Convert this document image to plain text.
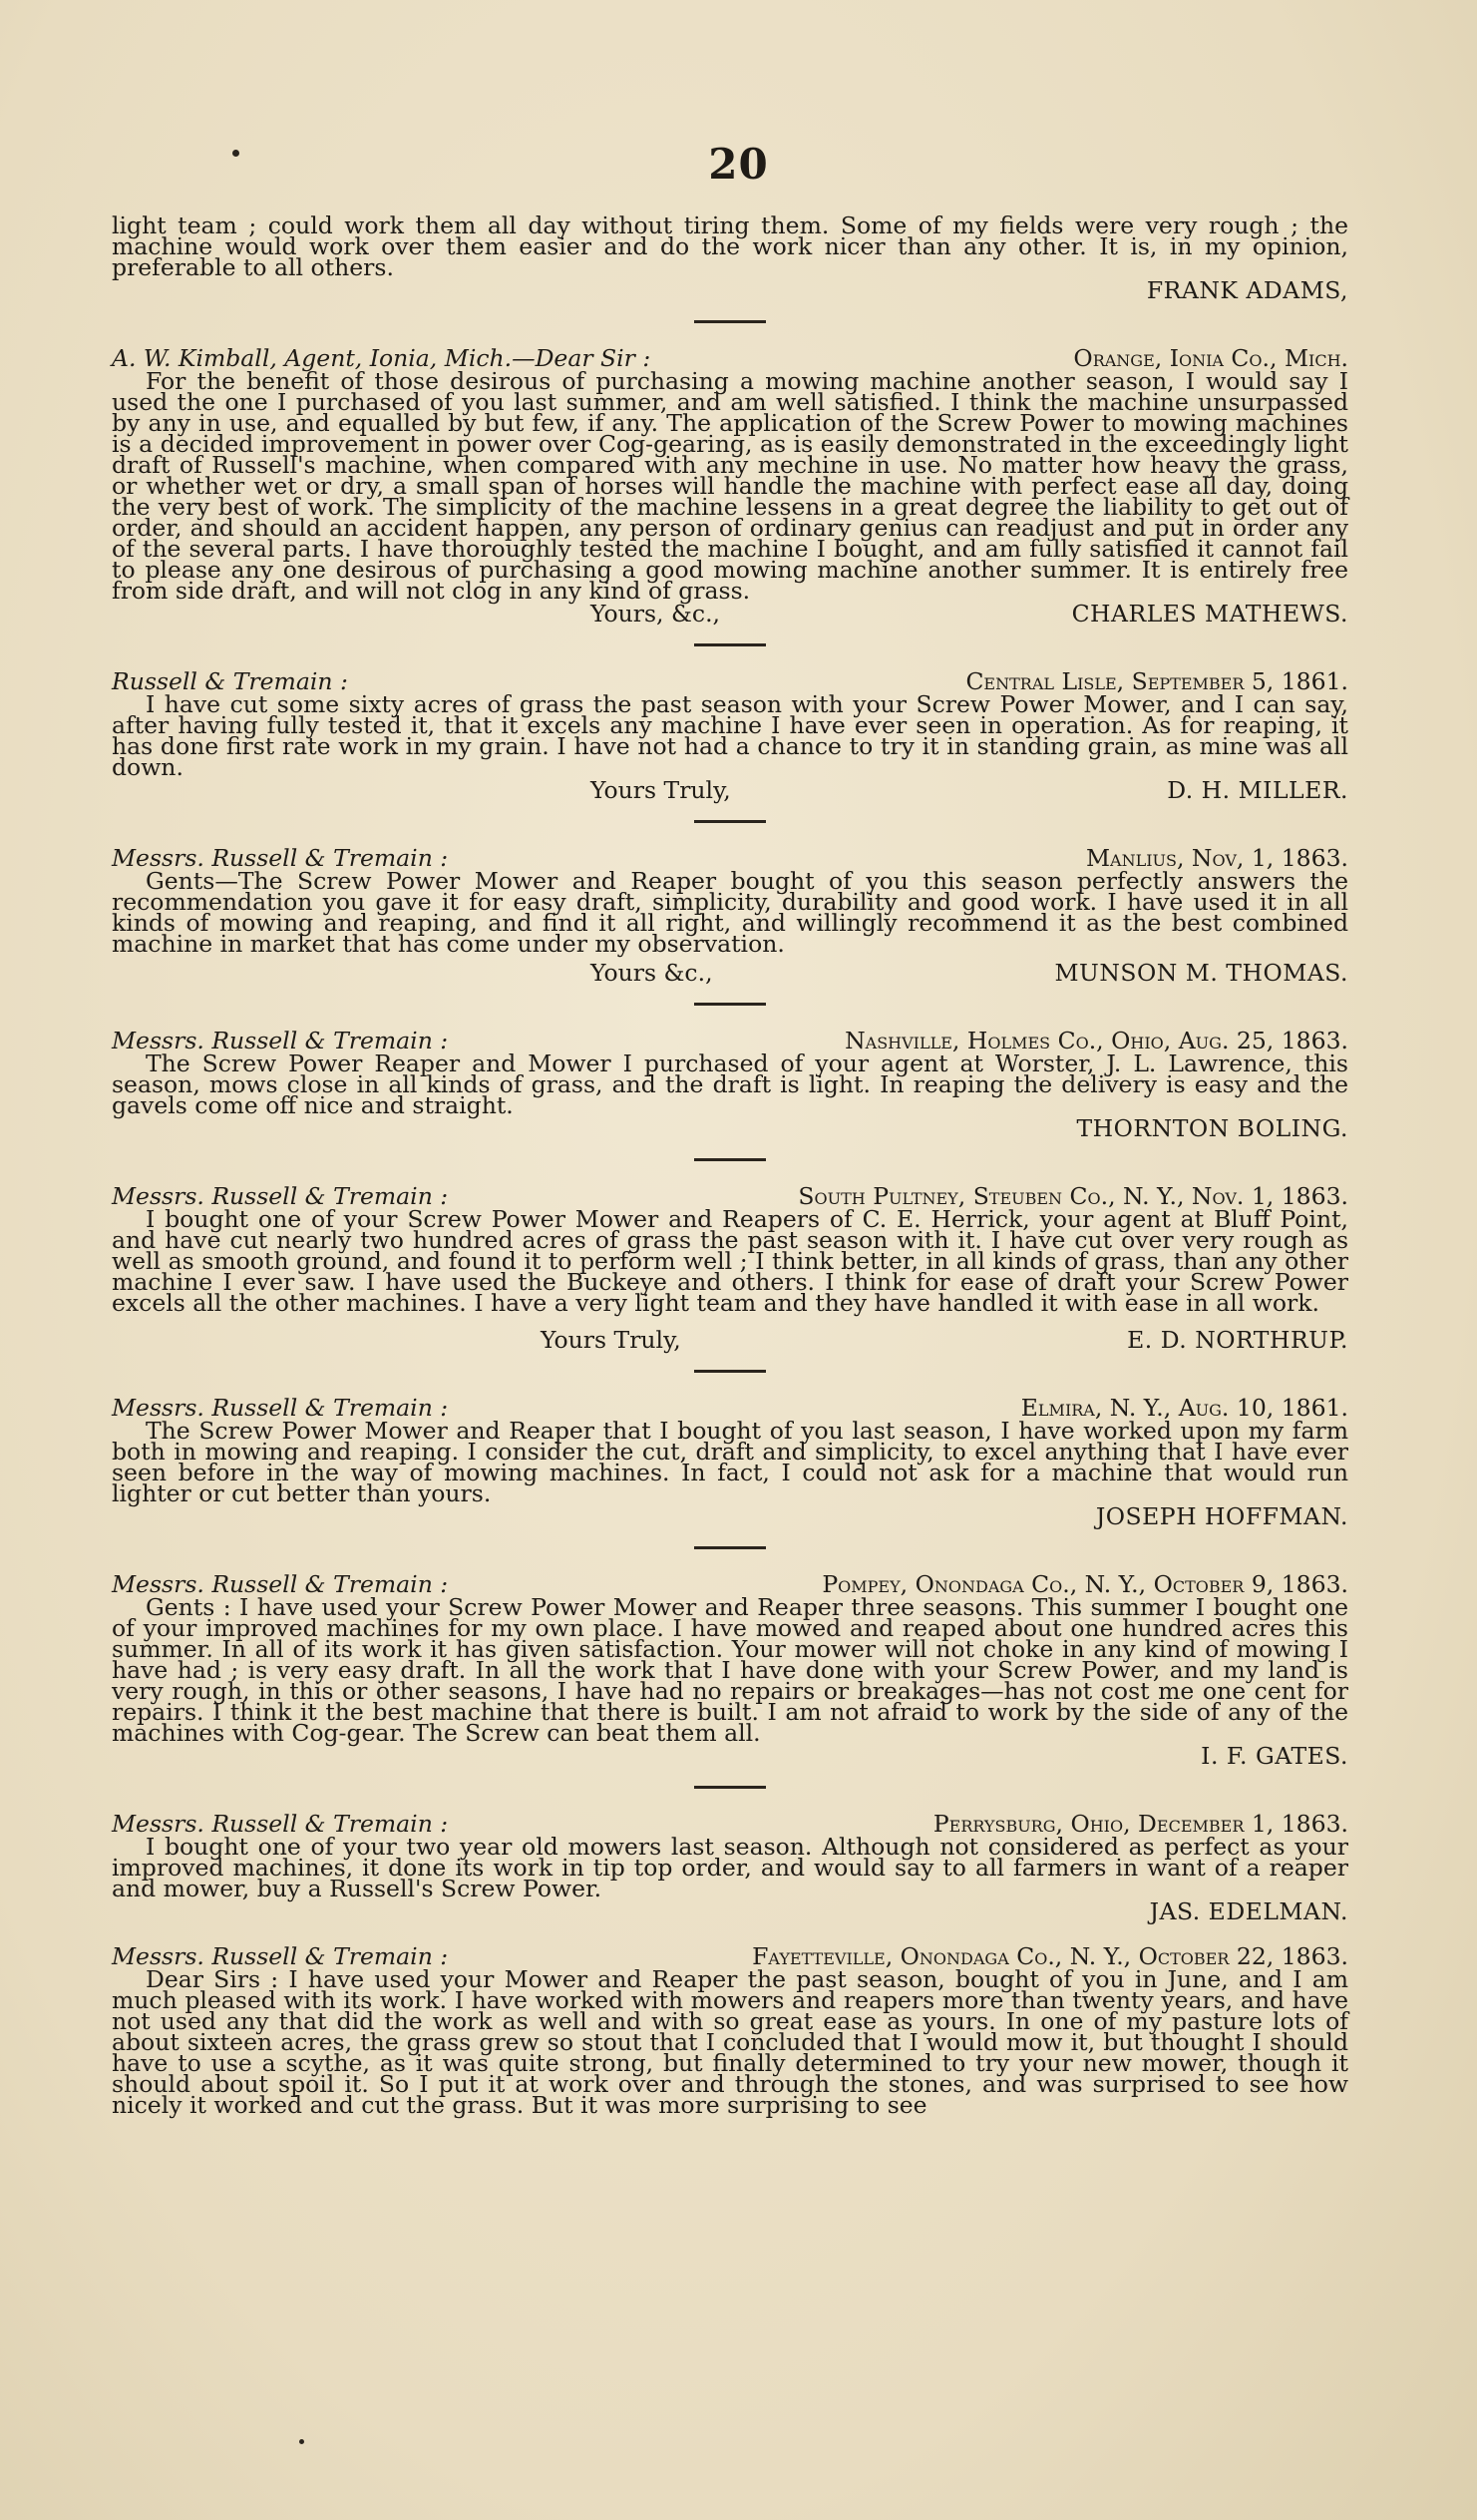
20
light team ; could work them all day without tiring them. Some of my fields were very rough ; the machine would work over them easier and do the work nicer than any other. It is, in my opinion, preferable to all others.
FRANK ADAMS,
A. W. Kimball, Agent, Ionia, Mich.—Dear Sir :	Orange, Ionia Co., Mich.
For the benefit of those desirous of purchasing a mowing machine another season, I would say I used the one I purchased of you last summer, and am well satisfied. I think the machine unsurpassed by any in use, and equalled by but few, if any. The application of the Screw Power to mowing machines is a decided improvement in power over Cog-gearing, as is easily demonstrated in the exceedingly light draft of Russell's machine, when compared with any mechine in use. No matter how heavy the grass, or whether wet or dry, a small span of horses will handle the machine with perfect ease all day, doing the very best of work. The simplicity of the machine lessens in a great degree the liability to get out of order, and should an accident happen, any person of ordinary genius can readjust and put in order any of the several parts. I have thoroughly tested the machine I bought, and am fully satisfied it cannot fail to please any one desirous of purchasing a good mowing machine another summer. It is entirely free from side draft, and will not clog in any kind of grass.
Yours, &c.,	CHARLES MATHEWS.
Russell & Tremain :	Central Lisle, September 5, 1861.
I have cut some sixty acres of grass the past season with your Screw Power Mower, and I can say, after having fully tested it, that it excels any machine I have ever seen in operation. As for reaping, it has done first rate work in my grain. I have not had a chance to try it in standing grain, as mine was all down.
Yours Truly,	D. H. MILLER.
Messrs. Russell & Tremain :	Manlius, Nov, 1, 1863.
Gents—The Screw Power Mower and Reaper bought of you this season perfectly answers the recommendation you gave it for easy draft, simplicity, durability and good work. I have used it in all kinds of mowing and reaping, and find it all right, and willingly recommend it as the best combined machine in market that has come under my observation.
Yours &c.,	MUNSON M. THOMAS.
Messrs. Russell & Tremain :	Nashville, Holmes Co., Ohio, Aug. 25, 1863.
The Screw Power Reaper and Mower I purchased of your agent at Worster, J. L. Lawrence, this season, mows close in all kinds of grass, and the draft is light. In reaping the delivery is easy and the gavels come off nice and straight.
THORNTON BOLING.
Messrs. Russell & Tremain :	South Pultney, Steuben Co., N. Y., Nov. 1, 1863.
I bought one of your Screw Power Mower and Reapers of C. E. Herrick, your agent at Bluff Point, and have cut nearly two hundred acres of grass the past season with it. I have cut over very rough as well as smooth ground, and found it to perform well ; I think better, in all kinds of grass, than any other machine I ever saw. I have used the Buckeye and others. I think for ease of draft your Screw Power excels all the other machines. I have a very light team and they have handled it with ease in all work.
Yours Truly,	E. D. NORTHRUP.
Messrs. Russell & Tremain :	Elmira, N. Y., Aug. 10, 1861.
The Screw Power Mower and Reaper that I bought of you last season, I have worked upon my farm both in mowing and reaping. I consider the cut, draft and simplicity, to excel anything that I have ever seen before in the way of mowing machines. In fact, I could not ask for a machine that would run lighter or cut better than yours.
JOSEPH HOFFMAN.
Messrs. Russell & Tremain :	Pompey, Onondaga Co., N. Y., October 9, 1863.
Gents : I have used your Screw Power Mower and Reaper three seasons. This summer I bought one of your improved machines for my own place. I have mowed and reaped about one hundred acres this summer. In all of its work it has given satisfaction. Your mower will not choke in any kind of mowing I have had ; is very easy draft. In all the work that I have done with your Screw Power, and my land is very rough, in this or other seasons, I have had no repairs or breakages—has not cost me one cent for repairs. I think it the best machine that there is built. I am not afraid to work by the side of any of the machines with Cog-gear. The Screw can beat them all.
I. F. GATES.
Messrs. Russell & Tremain :	Perrysburg, Ohio, December 1, 1863.
I bought one of your two year old mowers last season. Although not considered as perfect as your improved machines, it done its work in tip top order, and would say to all farmers in want of a reaper and mower, buy a Russell's Screw Power.
JAS. EDELMAN.
Messrs. Russell & Tremain :	Fayetteville, Onondaga Co., N. Y., October 22, 1863.
Dear Sirs : I have used your Mower and Reaper the past season, bought of you in June, and I am much pleased with its work. I have worked with mowers and reapers more than twenty years, and have not used any that did the work as well and with so great ease as yours. In one of my pasture lots of about sixteen acres, the grass grew so stout that I concluded that I would mow it, but thought I should have to use a scythe, as it was quite strong, but finally determined to try your new mower, though it should about spoil it. So I put it at work over and through the stones, and was surprised to see how nicely it worked and cut the grass. But it was more surprising to see
